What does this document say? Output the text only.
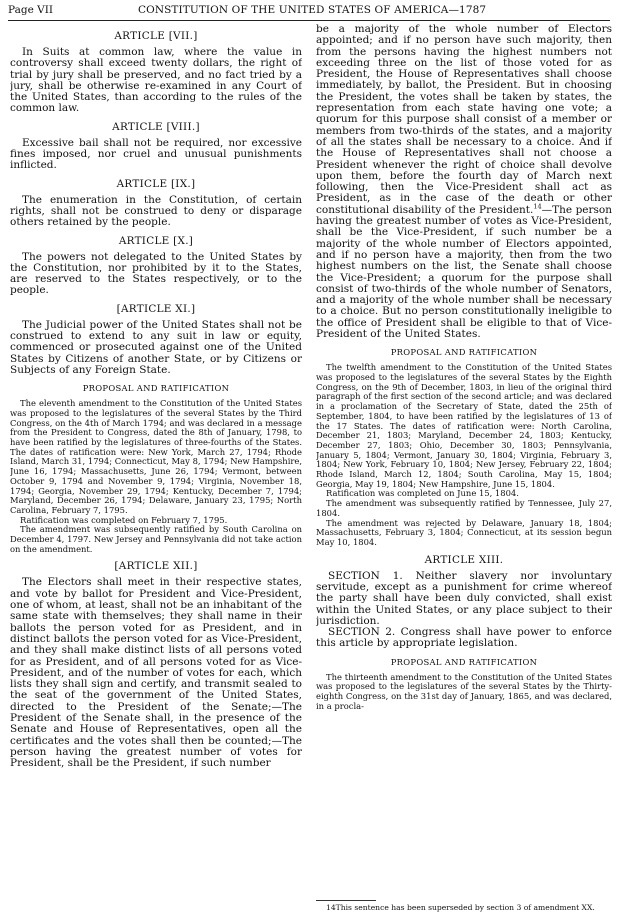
Page VII	CONSTITUTION OF THE UNITED STATES OF AMERICA—1787
ARTICLE [VII.]

In Suits at common law, where the value in controversy shall exceed twenty dollars, the right of trial by jury shall be preserved, and no fact tried by a jury, shall be otherwise re-examined in any Court of the United States, than according to the rules of the common law.

ARTICLE [VIII.]

Excessive bail shall not be required, nor excessive fines imposed, nor cruel and unusual punishments inflicted.

ARTICLE [IX.]

The enumeration in the Constitution, of certain rights, shall not be construed to deny or disparage others retained by the people.

ARTICLE [X.]

The powers not delegated to the United States by the Constitution, nor prohibited by it to the States, are reserved to the States respectively, or to the people.

[ARTICLE XI.]

The Judicial power of the United States shall not be construed to extend to any suit in law or equity, commenced or prosecuted against one of the United States by Citizens of another State, or by Citizens or Subjects of any Foreign State.

PROPOSAL AND RATIFICATION

The eleventh amendment to the Constitution of the United States was proposed to the legislatures of the several States by the Third Congress, on the 4th of March 1794; and was declared in a message from the President to Congress, dated the 8th of January, 1798, to have been ratified by the legislatures of three-fourths of the States. The dates of ratification were: New York, March 27, 1794; Rhode Island, March 31, 1794; Connecticut, May 8, 1794; New Hampshire, June 16, 1794; Massachusetts, June 26, 1794; Vermont, between October 9, 1794 and November 9, 1794; Virginia, November 18, 1794; Georgia, November 29, 1794; Kentucky, December 7, 1794; Maryland, December 26, 1794; Delaware, January 23, 1795; North Carolina, February 7, 1795.

Ratification was completed on February 7, 1795.

The amendment was subsequently ratified by South Carolina on December 4, 1797. New Jersey and Pennsylvania did not take action on the amendment.

[ARTICLE XII.]

The Electors shall meet in their respective states, and vote by ballot for President and Vice-President, one of whom, at least, shall not be an inhabitant of the same state with themselves; they shall name in their ballots the person voted for as President, and in distinct ballots the person voted for as Vice-President, and they shall make distinct lists of all persons voted for as President, and of all persons voted for as Vice-President, and of the number of votes for each, which lists they shall sign and certify, and transmit sealed to the seat of the government of the United States, directed to the President of the Senate;—The President of the Senate shall, in the presence of the Senate and House of Representatives, open all the certificates and the votes shall then be counted;—The person having the greatest number of votes for President, shall be the President, if such number

be a majority of the whole number of Electors appointed; and if no person have such majority, then from the persons having the highest numbers not exceeding three on the list of those voted for as President, the House of Representatives shall choose immediately, by ballot, the President. But in choosing the President, the votes shall be taken by states, the representation from each state having one vote; a quorum for this purpose shall consist of a member or members from two-thirds of the states, and a majority of all the states shall be necessary to a choice. And if the House of Representatives shall not choose a President whenever the right of choice shall devolve upon them, before the fourth day of March next following, then the Vice-President shall act as President, as in the case of the death or other constitutional disability of the President.$^{14}$—The person having the greatest number of votes as Vice-President, shall be the Vice-President, if such number be a majority of the whole number of Electors appointed, and if no person have a majority, then from the two highest numbers on the list, the Senate shall choose the Vice-President; a quorum for the purpose shall consist of two-thirds of the whole number of Senators, and a majority of the whole number shall be necessary to a choice. But no person constitutionally ineligible to the office of President shall be eligible to that of Vice-President of the United States.

PROPOSAL AND RATIFICATION

The twelfth amendment to the Constitution of the United States was proposed to the legislatures of the several States by the Eighth Congress, on the 9th of December, 1803, in lieu of the original third paragraph of the first section of the second article; and was declared in a proclamation of the Secretary of State, dated the 25th of September, 1804, to have been ratified by the legislatures of 13 of the 17 States. The dates of ratification were: North Carolina, December 21, 1803; Maryland, December 24, 1803; Kentucky, December 27, 1803; Ohio, December 30, 1803; Pennsylvania, January 5, 1804; Vermont, January 30, 1804; Virginia, February 3, 1804; New York, February 10, 1804; New Jersey, February 22, 1804; Rhode Island, March 12, 1804; South Carolina, May 15, 1804; Georgia, May 19, 1804; New Hampshire, June 15, 1804.

Ratification was completed on June 15, 1804.

The amendment was subsequently ratified by Tennessee, July 27, 1804.

The amendment was rejected by Delaware, January 18, 1804; Massachusetts, February 3, 1804; Connecticut, at its session begun May 10, 1804.

ARTICLE XIII.

SECTION 1. Neither slavery nor involuntary servitude, except as a punishment for crime whereof the party shall have been duly convicted, shall exist within the United States, or any place subject to their jurisdiction.

SECTION 2. Congress shall have power to enforce this article by appropriate legislation.

PROPOSAL AND RATIFICATION

The thirteenth amendment to the Constitution of the United States was proposed to the legislatures of the several States by the Thirty-eighth Congress, on the 31st day of January, 1865, and was declared, in a procla-

14This sentence has been superseded by section 3 of amendment XX.
